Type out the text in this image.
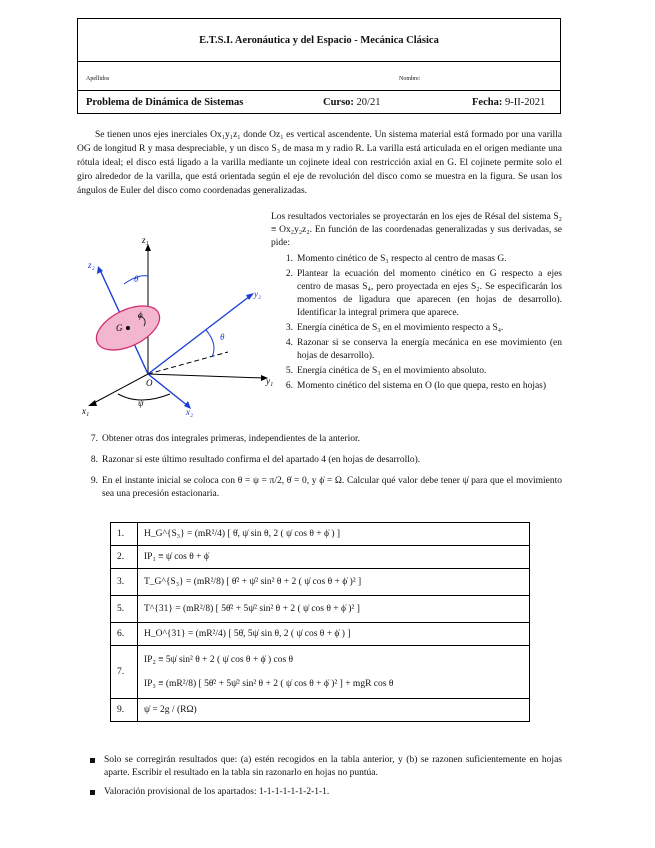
E.T.S.I. Aeronáutica y del Espacio - Mecánica Clásica
Apellidos	Nombre:
Problema de Dinámica de Sistemas	Curso: 20/21	Fecha: 9-II-2021
Se tienen unos ejes inerciales Ox₁y₁z₁ donde Oz₁ es vertical ascendente. Un sistema material está formado por una varilla OG de longitud R y masa despreciable, y un disco S₃ de masa m y radio R. La varilla está articulada en el origen mediante una rótula ideal; el disco está ligado a la varilla mediante un cojinete ideal con restricción axial en G. El cojinete permite solo el giro alrededor de la varilla, que está orientada según el eje de revolución del disco como se muestra en la figura. Se usan los ángulos de Euler del disco como coordenadas generalizadas.
z₁
z₂
y₂
y₁
x₁	x₂
G
O
θ
θ
ϕ
ψ
Los resultados vectoriales se proyectarán en los ejes de Résal del sistema S₂ ≡ Ox₂y₂z₂. En función de las coordenadas generalizadas y sus derivadas, se pide:
1. Momento cinético de S₃ respecto al centro de masas G.
2. Plantear la ecuación del momento cinético en G respecto a ejes centro de masas S₄, pero proyectada en ejes S₂. Se especificarán los momentos de ligadura que aparecen (en hojas de desarrollo). Identificar la integral primera que aparece.
3. Energía cinética de S₃ en el movimiento respecto a S₄.
4. Razonar si se conserva la energía mecánica en ese movimiento (en hojas de desarrollo).
5. Energía cinética de S₃ en el movimiento absoluto.
6. Momento cinético del sistema en O (lo que quepa, resto en hojas)
7. Obtener otras dos integrales primeras, independientes de la anterior.
8. Razonar si este último resultado confirma el del apartado 4 (en hojas de desarrollo).
9. En el instante inicial se coloca con θ = ψ = π/2, θ̇ = 0, y ϕ̇ = Ω. Calcular qué valor debe tener ψ̇ para que el movimiento sea una precesión estacionaria.
1.	H_G^{S₃} = (mR²/4) [ θ̇, ψ̇ sin θ, 2 ( ψ̇ cos θ + ϕ̇ ) ]
2.	IP₁ ≡ ψ̇ cos θ + ϕ̇
3.	T_G^{S₃} = (mR²/8) [ θ̇² + ψ̇² sin² θ + 2 ( ψ̇ cos θ + ϕ̇ )² ]
5.	T^{31} = (mR²/8) [ 5θ̇² + 5ψ̇² sin² θ + 2 ( ψ̇ cos θ + ϕ̇ )² ]
6.	H_O^{31} = (mR²/4) [ 5θ̇, 5ψ̇ sin θ, 2 ( ψ̇ cos θ + ϕ̇ ) ]
7.	IP₂ ≡ 5ψ̇ sin² θ + 2 ( ψ̇ cos θ + ϕ̇ ) cos θ
IP₃ ≡ (mR²/8) [ 5θ̇² + 5ψ̇² sin² θ + 2 ( ψ̇ cos θ + ϕ̇ )² ] + mgR cos θ

9.	ψ̇ = 2g / (RΩ)
Solo se corregirán resultados que: (a) estén recogidos en la tabla anterior, y (b) se razonen suficientemente en hojas aparte. Escribir el resultado en la tabla sin razonarlo en hojas no puntúa.
Valoración provisional de los apartados: 1-1-1-1-1-1-2-1-1.
